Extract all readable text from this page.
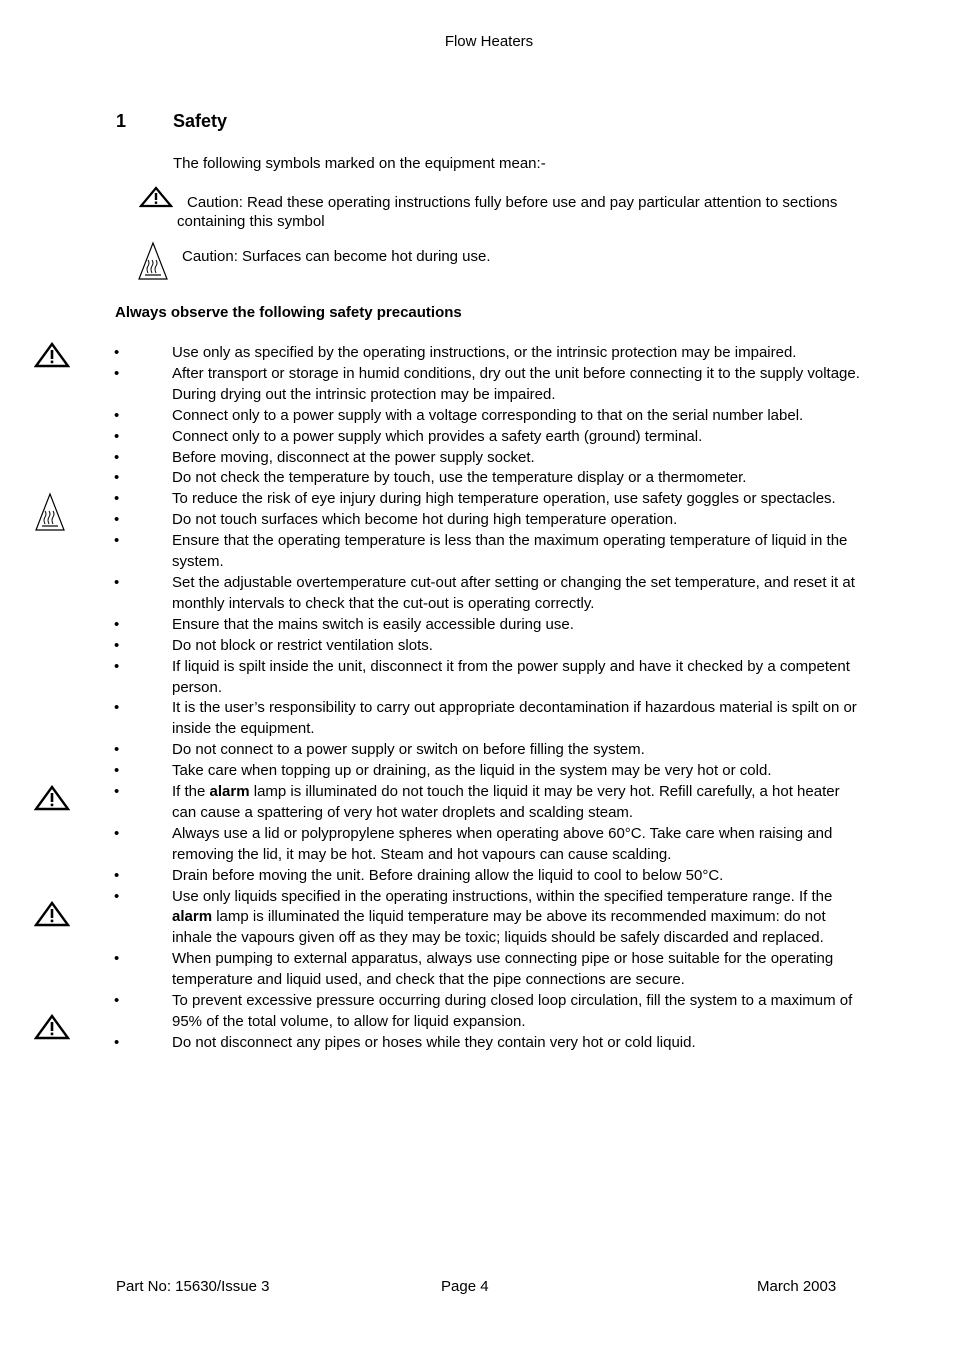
Flow Heaters
1	Safety
The following symbols marked on the equipment mean:-
Caution: Read these operating instructions fully before use and pay particular attention to sections containing this symbol
Caution: Surfaces can become hot during use.
Always observe the following safety precautions
•	Use only as specified by the operating instructions, or the intrinsic protection may be impaired.
•	After transport or storage in humid conditions, dry out the unit before connecting it to the supply voltage. During drying out the intrinsic protection may be impaired.
•	Connect only to a power supply with a voltage corresponding to that on the serial number label.
•	Connect only to a power supply which provides a safety earth (ground) terminal.
•	Before moving, disconnect at the power supply socket.
•	Do not check the temperature by touch, use the temperature display or a thermometer.
•	To reduce the risk of eye injury during high temperature operation, use safety goggles or spectacles.
•	Do not touch surfaces which become hot during high temperature operation.
•	Ensure that the operating temperature is less than the maximum operating temperature of liquid in the system.
•	Set the adjustable overtemperature cut-out after setting or changing the set temperature, and reset it at monthly intervals to check that the cut-out is operating correctly.
•	Ensure that the mains switch is easily accessible during use.
•	Do not block or restrict ventilation slots.
•	If liquid is spilt inside the unit, disconnect it from the power supply and have it checked by a competent person.
•	It is the user’s responsibility to carry out appropriate decontamination if hazardous material is spilt on or inside the equipment.
•	Do not connect to a power supply or switch on before filling the system.
•	Take care when topping up or draining, as the liquid in the system may be very hot or cold.
•	If the alarm lamp is illuminated do not touch the liquid it may be very hot. Refill carefully, a hot heater can cause a spattering of very hot water droplets and scalding steam.
•	Always use a lid or polypropylene spheres when operating above 60°C. Take care when raising and removing the lid, it may be hot. Steam and hot vapours can cause scalding.
•	Drain before moving the unit. Before draining allow the liquid to cool to below 50°C.
•	Use only liquids specified in the operating instructions, within the specified temperature range. If the alarm lamp is illuminated the liquid temperature may be above its recommended maximum: do not inhale the vapours given off as they may be toxic; liquids should be safely discarded and replaced.
•	When pumping to external apparatus, always use connecting pipe or hose suitable for the operating temperature and liquid used, and check that the pipe connections are secure.
•	To prevent excessive pressure occurring during closed loop circulation, fill the system to a maximum of 95% of the total volume, to allow for liquid expansion.
•	Do not disconnect any pipes or hoses while they contain very hot or cold liquid.
Part No: 15630/Issue 3	Page 4	March 2003
